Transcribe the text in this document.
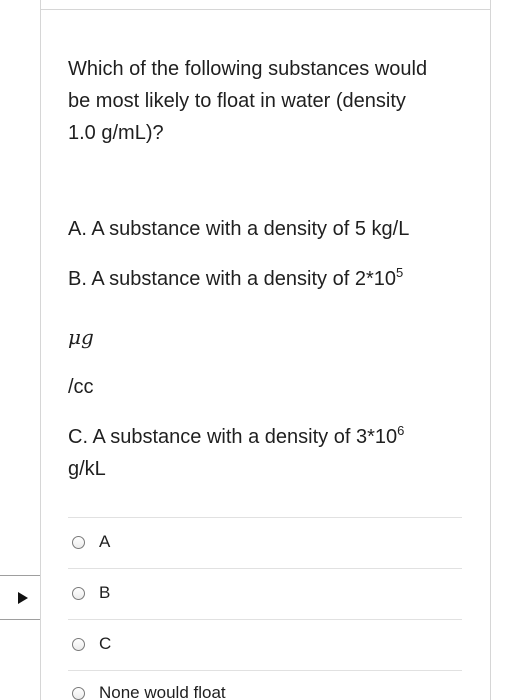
Which of the following substances would
be most likely to float in water (density
1.0 g/mL)?
A. A substance with a density of 5 kg/L
B. A substance with a density of $2*10^5$
μg
/cc
C. A substance with a density of $3*10^6$
g/kL
A
B
C
None would float
